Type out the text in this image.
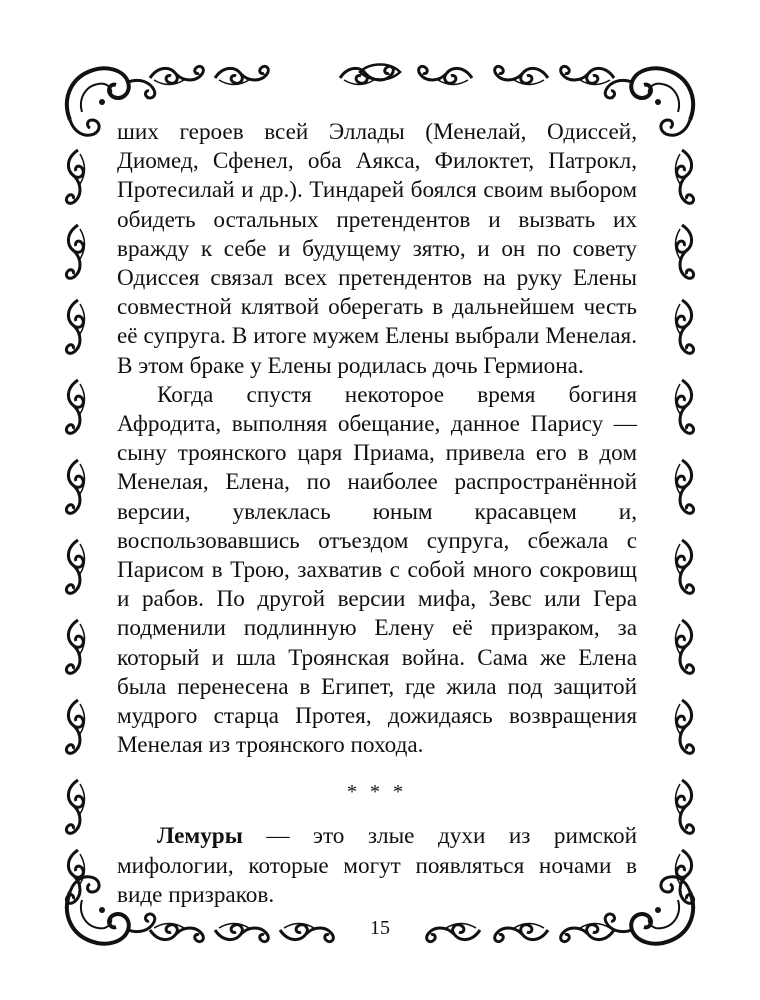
ших героев всей Эллады (Менелай, Одиссей, Диомед, Сфенел, оба Аякса, Филоктет, Патрокл, Протесилай и др.). Тиндарей боялся своим выбором обидеть остальных претендентов и вызвать их вражду к себе и будущему зятю, и он по совету Одиссея связал всех претендентов на руку Елены совместной клятвой оберегать в дальнейшем честь её супруга. В итоге мужем Елены выбрали Менелая. В этом браке у Елены родилась дочь Гермиона.

Когда спустя некоторое время богиня Афродита, выполняя обещание, данное Парису — сыну троянского царя Приама, привела его в дом Менелая, Елена, по наиболее распространённой версии, увлеклась юным красавцем и, воспользовавшись отъездом супруга, сбежала с Парисом в Трою, захватив с собой много сокровищ и рабов. По другой версии мифа, Зевс или Гера подменили подлинную Елену её призраком, за который и шла Троянская война. Сама же Елена была перенесена в Египет, где жила под защитой мудрого старца Протея, дожидаясь возвращения Менелая из троянского похода.

* * *

Лемуры — это злые духи из римской мифологии, которые могут появляться ночами в виде призраков.

15
